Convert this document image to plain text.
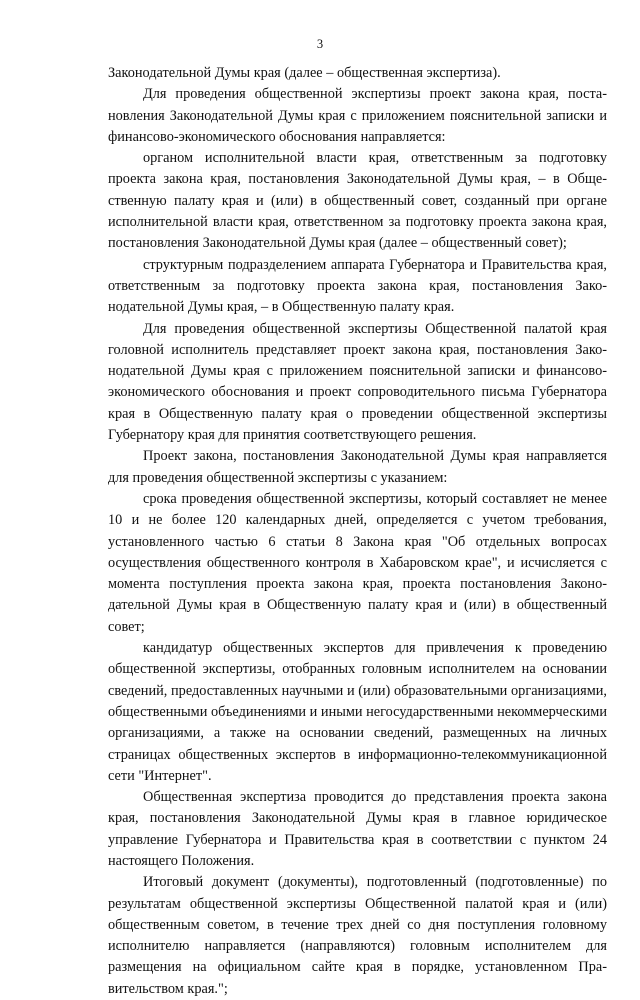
3

Законодательной Думы края (далее – общественная экспертиза).

Для проведения общественной экспертизы проект закона края, постановления Законодательной Думы края с приложением пояснительной записки и финансово-экономического обоснования направляется:

органом исполнительной власти края, ответственным за подготовку проекта закона края, постановления Законодательной Думы края, – в Общественную палату края и (или) в общественный совет, созданный при органе исполнительной власти края, ответственном за подготовку проекта закона края, постановления Законодательной Думы края (далее – общественный совет);

структурным подразделением аппарата Губернатора и Правительства края, ответственным за подготовку проекта закона края, постановления Законодательной Думы края, – в Общественную палату края.

Для проведения общественной экспертизы Общественной палатой края головной исполнитель представляет проект закона края, постановления Законодательной Думы края с приложением пояснительной записки и финансово-экономического обоснования и проект сопроводительного письма Губернатора края в Общественную палату края о проведении общественной экспертизы Губернатору края для принятия соответствующего решения.

Проект закона, постановления Законодательной Думы края направляется для проведения общественной экспертизы с указанием:

срока проведения общественной экспертизы, который составляет не менее 10 и не более 120 календарных дней, определяется с учетом требования, установленного частью 6 статьи 8 Закона края "Об отдельных вопросах осуществления общественного контроля в Хабаровском крае", и исчисляется с момента поступления проекта закона края, проекта постановления Законодательной Думы края в Общественную палату края и (или) в общественный совет;

кандидатур общественных экспертов для привлечения к проведению общественной экспертизы, отобранных головным исполнителем на основании сведений, предоставленных научными и (или) образовательными организациями, общественными объединениями и иными негосударственными некоммерческими организациями, а также на основании сведений, размещенных на личных страницах общественных экспертов в информационно-телекоммуникационной сети "Интернет".

Общественная экспертиза проводится до представления проекта закона края, постановления Законодательной Думы края в главное юридическое управление Губернатора и Правительства края в соответствии с пунктом 24 настоящего Положения.

Итоговый документ (документы), подготовленный (подготовленные) по результатам общественной экспертизы Общественной палатой края и (или) общественным советом, в течение трех дней со дня поступления головному исполнителю направляется (направляются) головным исполнителем для размещения на официальном сайте края в порядке, установленном Правительством края.";
